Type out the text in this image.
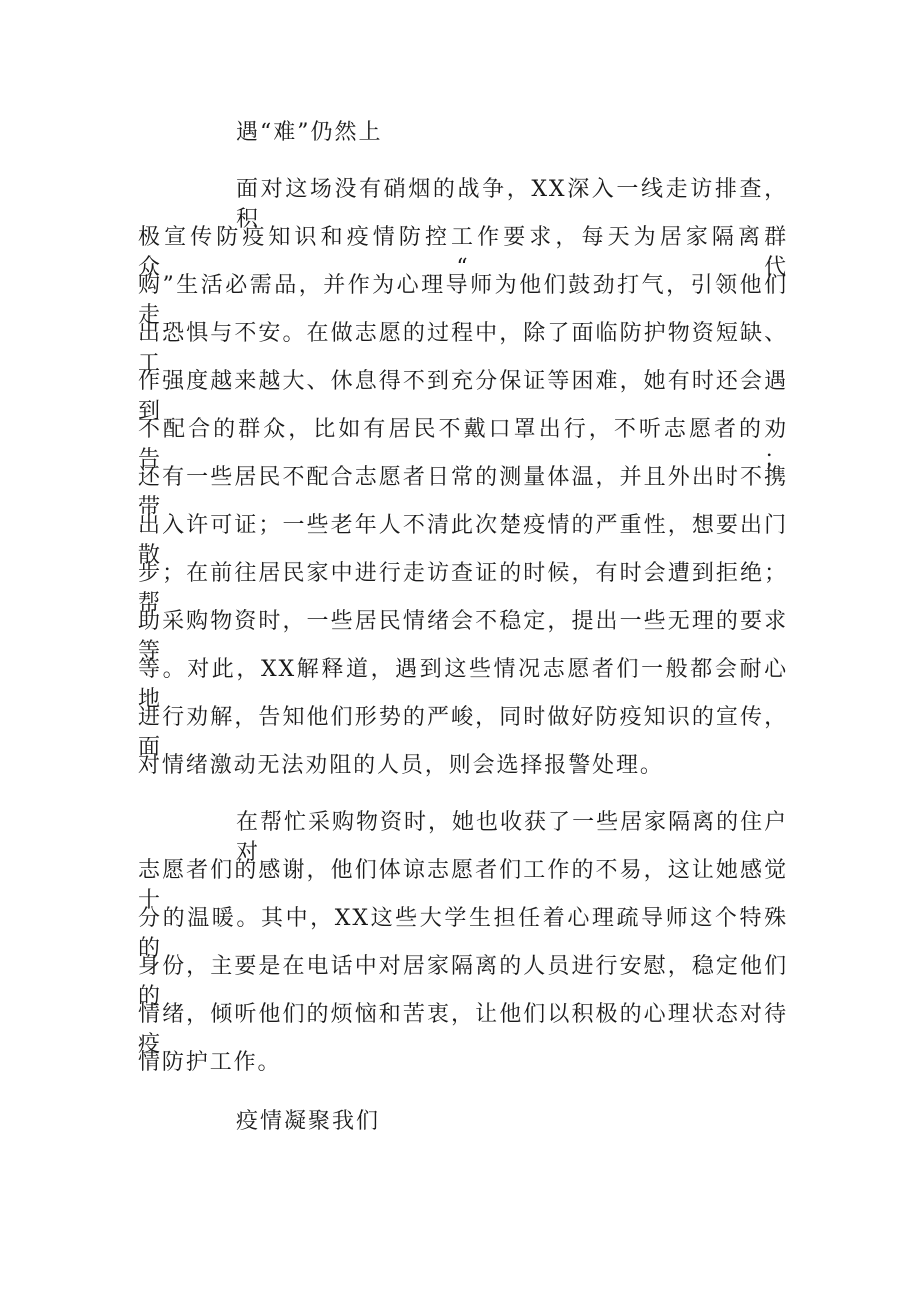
遇“难”仍然上
面对这场没有硝烟的战争，XX深入一线走访排查，积
极宣传防疫知识和疫情防控工作要求，每天为居家隔离群众“代
购”生活必需品，并作为心理导师为他们鼓劲打气，引领他们走
出恐惧与不安。在做志愿的过程中，除了面临防护物资短缺、工
作强度越来越大、休息得不到充分保证等困难，她有时还会遇到
不配合的群众，比如有居民不戴口罩出行，不听志愿者的劝告；
还有一些居民不配合志愿者日常的测量体温，并且外出时不携带
出入许可证；一些老年人不清此次楚疫情的严重性，想要出门散
步；在前往居民家中进行走访查证的时候，有时会遭到拒绝；帮
助采购物资时，一些居民情绪会不稳定，提出一些无理的要求等
等。对此，XX解释道，遇到这些情况志愿者们一般都会耐心地
进行劝解，告知他们形势的严峻，同时做好防疫知识的宣传，面
对情绪激动无法劝阻的人员，则会选择报警处理。
在帮忙采购物资时，她也收获了一些居家隔离的住户对
志愿者们的感谢，他们体谅志愿者们工作的不易，这让她感觉十
分的温暖。其中，XX这些大学生担任着心理疏导师这个特殊的
身份，主要是在电话中对居家隔离的人员进行安慰，稳定他们的
情绪，倾听他们的烦恼和苦衷，让他们以积极的心理状态对待疫
情防护工作。
疫情凝聚我们
